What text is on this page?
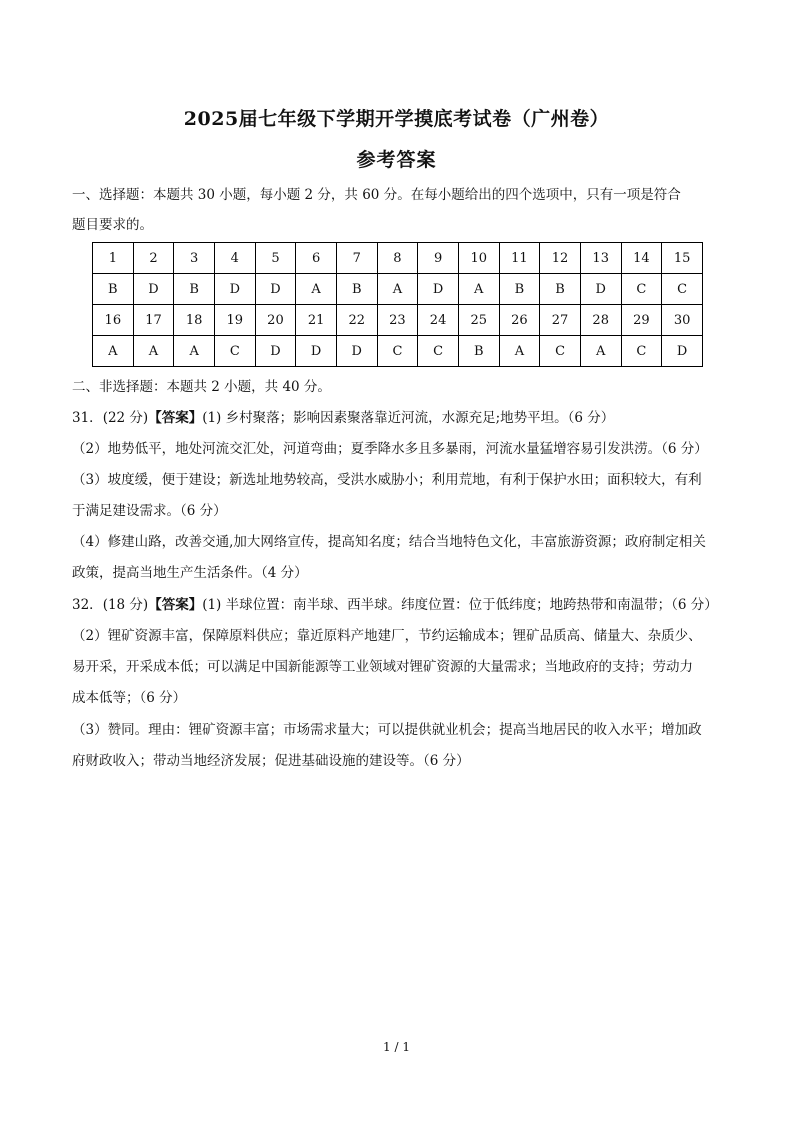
2025届七年级下学期开学摸底考试卷（广州卷）
参考答案
一、选择题：本题共 30 小题，每小题 2 分，共 60 分。在每小题给出的四个选项中，只有一项是符合
题目要求的。
1	2	3	4	5	6	7	8	9	10	11	12	13	14	15
B	D	B	D	D	A	B	A	D	A	B	B	D	C	C
16	17	18	19	20	21	22	23	24	25	26	27	28	29	30
A	A	A	C	D	D	D	C	C	B	A	C	A	C	D
二、非选择题：本题共 2 小题，共 40 分。
31．(22 分)【答案】(1) 乡村聚落；影响因素聚落靠近河流，水源充足;地势平坦。（6 分）
（2）地势低平，地处河流交汇处，河道弯曲；夏季降水多且多暴雨，河流水量猛增容易引发洪涝。（6 分）
（3）坡度缓，便于建设；新选址地势较高，受洪水威胁小；利用荒地，有利于保护水田；面积较大，有利
于满足建设需求。（6 分）
（4）修建山路，改善交通,加大网络宣传，提高知名度；结合当地特色文化，丰富旅游资源；政府制定相关
政策，提高当地生产生活条件。（4 分）
32．(18 分)【答案】(1) 半球位置：南半球、西半球。纬度位置：位于低纬度；地跨热带和南温带；（6 分）
（2）锂矿资源丰富，保障原料供应；靠近原料产地建厂，节约运输成本；锂矿品质高、储量大、杂质少、
易开采，开采成本低；可以满足中国新能源等工业领域对锂矿资源的大量需求；当地政府的支持；劳动力
成本低等；（6 分）
（3）赞同。理由：锂矿资源丰富；市场需求量大；可以提供就业机会；提高当地居民的收入水平；增加政
府财政收入；带动当地经济发展；促进基础设施的建设等。（6 分）
1 / 1
